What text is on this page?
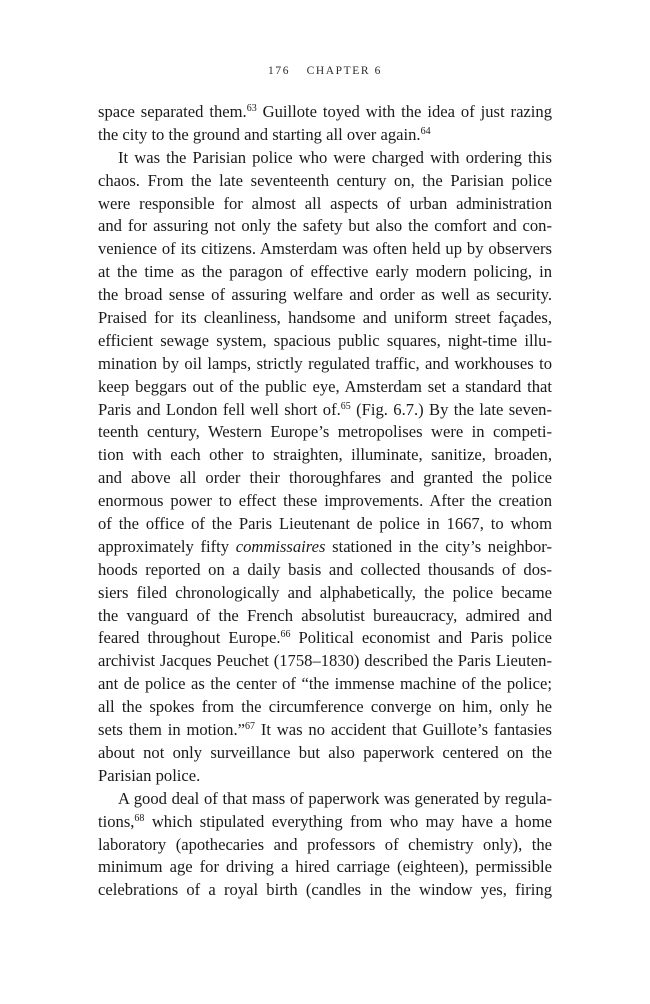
176 CHAPTER 6
space separated them.$^{63}$ Guillote toyed with the idea of just razing
the city to the ground and starting all over again.$^{64}$
It was the Parisian police who were charged with ordering this
chaos. From the late seventeenth century on, the Parisian police
were responsible for almost all aspects of urban administration
and for assuring not only the safety but also the comfort and con-
venience of its citizens. Amsterdam was often held up by observers
at the time as the paragon of effective early modern policing, in
the broad sense of assuring welfare and order as well as security.
Praised for its cleanliness, handsome and uniform street façades,
efficient sewage system, spacious public squares, night-time illu-
mination by oil lamps, strictly regulated traffic, and workhouses to
keep beggars out of the public eye, Amsterdam set a standard that
Paris and London fell well short of.$^{65}$ (Fig. 6.7.) By the late seven-
teenth century, Western Europe’s metropolises were in competi-
tion with each other to straighten, illuminate, sanitize, broaden,
and above all order their thoroughfares and granted the police
enormous power to effect these improvements. After the creation
of the office of the Paris Lieutenant de police in 1667, to whom
approximately fifty commissaires stationed in the city’s neighbor-
hoods reported on a daily basis and collected thousands of dos-
siers filed chronologically and alphabetically, the police became
the vanguard of the French absolutist bureaucracy, admired and
feared throughout Europe.$^{66}$ Political economist and Paris police
archivist Jacques Peuchet (1758–1830) described the Paris Lieuten-
ant de police as the center of “the immense machine of the police;
all the spokes from the circumference converge on him, only he
sets them in motion.”$^{67}$ It was no accident that Guillote’s fantasies
about not only surveillance but also paperwork centered on the
Parisian police.
A good deal of that mass of paperwork was generated by regula-
tions,$^{68}$ which stipulated everything from who may have a home
laboratory (apothecaries and professors of chemistry only), the
minimum age for driving a hired carriage (eighteen), permissible
celebrations of a royal birth (candles in the window yes, firing
